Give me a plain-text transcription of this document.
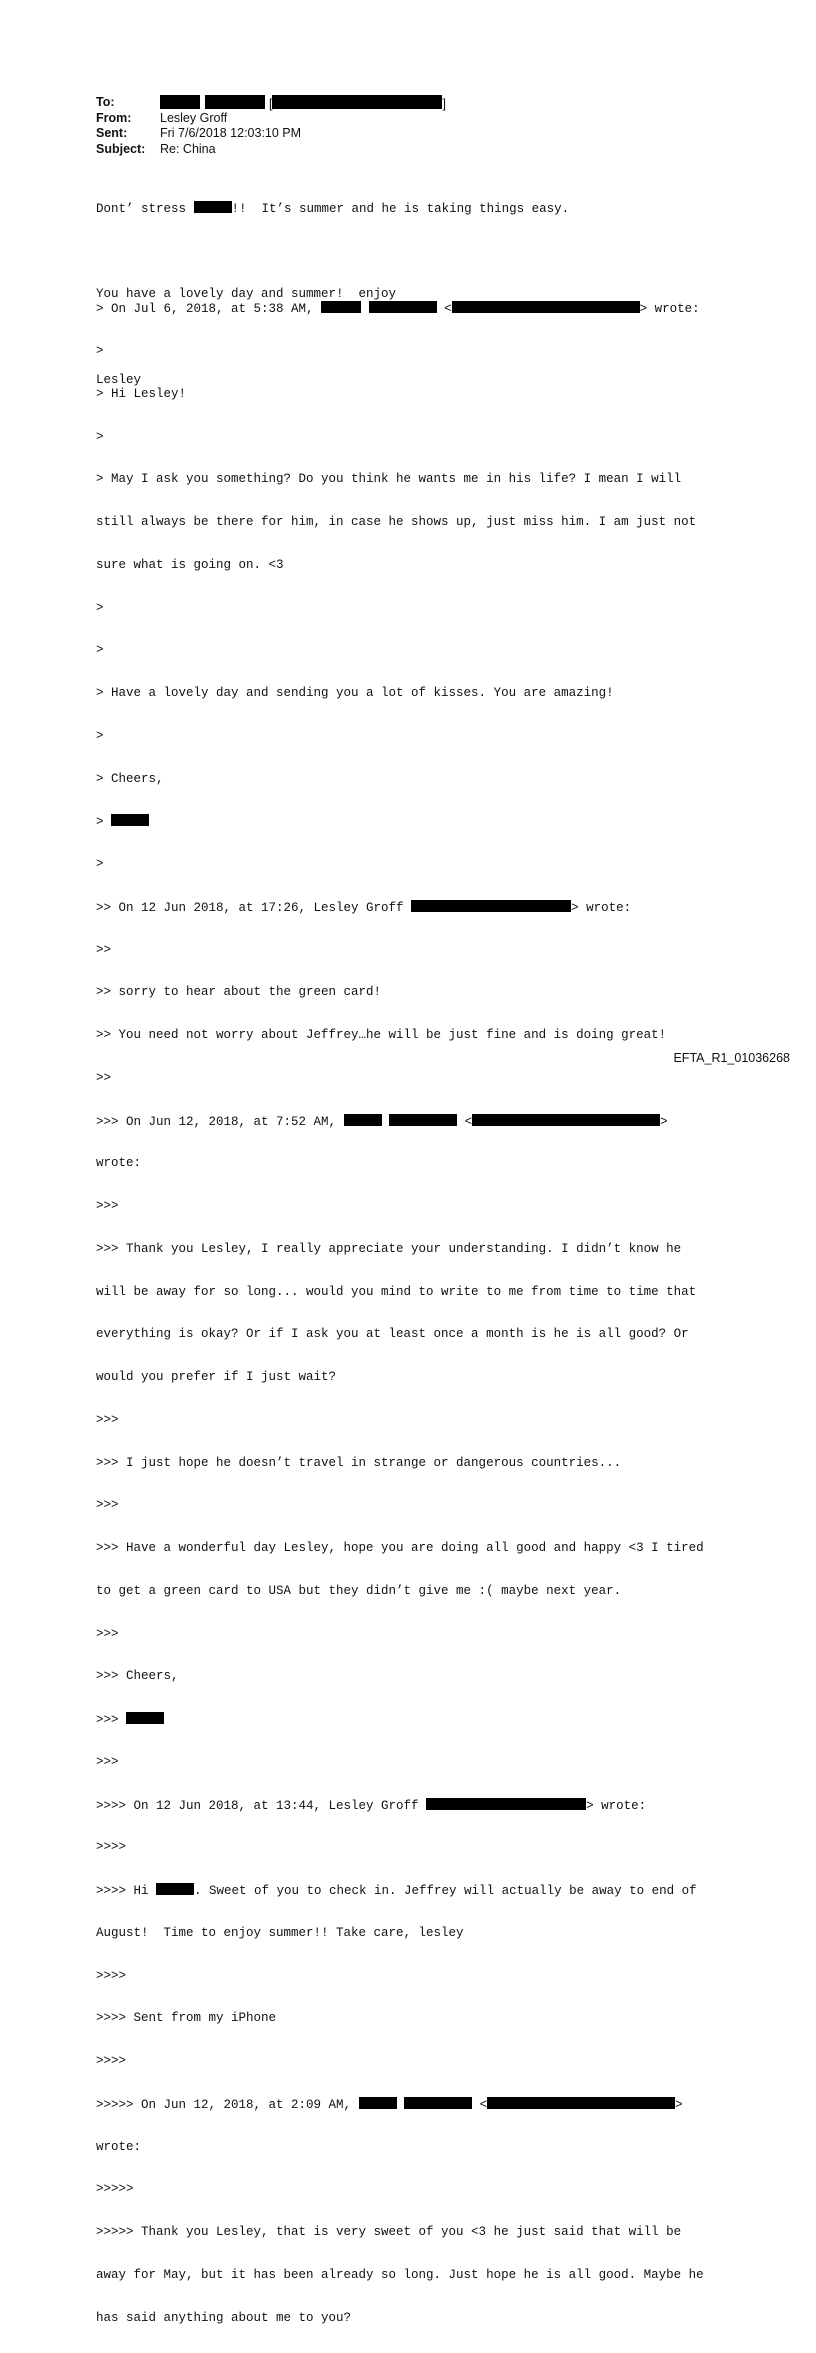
To:	[	]
From:	Lesley Groff
Sent:	Fri 7/6/2018 12:03:10 PM
Subject:	Re: China

Dont’ stress	!!  It’s summer and he is taking things easy.

You have a lovely day and summer!  enjoy

Lesley

> On Jul 6, 2018, at 5:38 AM,	<	> wrote:

>

> Hi Lesley!

>

> May I ask you something? Do you think he wants me in his life? I mean I will

still always be there for him, in case he shows up, just miss him. I am just not

sure what is going on. <3

>

>

> Have a lovely day and sending you a lot of kisses. You are amazing!

>

> Cheers,

>

>

>> On 12 Jun 2018, at 17:26, Lesley Groff	> wrote:

>>

>> sorry to hear about the green card!

>> You need not worry about Jeffrey…he will be just fine and is doing great!

>>

>>> On Jun 12, 2018, at 7:52 AM,	<	>

wrote:

>>>

>>> Thank you Lesley, I really appreciate your understanding. I didn’t know he

will be away for so long... would you mind to write to me from time to time that

everything is okay? Or if I ask you at least once a month is he is all good? Or

would you prefer if I just wait?

>>>

>>> I just hope he doesn’t travel in strange or dangerous countries...

>>>

>>> Have a wonderful day Lesley, hope you are doing all good and happy <3 I tired

to get a green card to USA but they didn’t give me :( maybe next year.

>>>

>>> Cheers,

>>>

>>>

>>>> On 12 Jun 2018, at 13:44, Lesley Groff	> wrote:

>>>>

>>>> Hi	. Sweet of you to check in. Jeffrey will actually be away to end of

August!  Time to enjoy summer!! Take care, lesley

>>>>

>>>> Sent from my iPhone

>>>>

>>>>> On Jun 12, 2018, at 2:09 AM,	<	>

wrote:

>>>>>

>>>>> Thank you Lesley, that is very sweet of you <3 he just said that will be

away for May, but it has been already so long. Just hope he is all good. Maybe he

has said anything about me to you?

EFTA_R1_01036268
